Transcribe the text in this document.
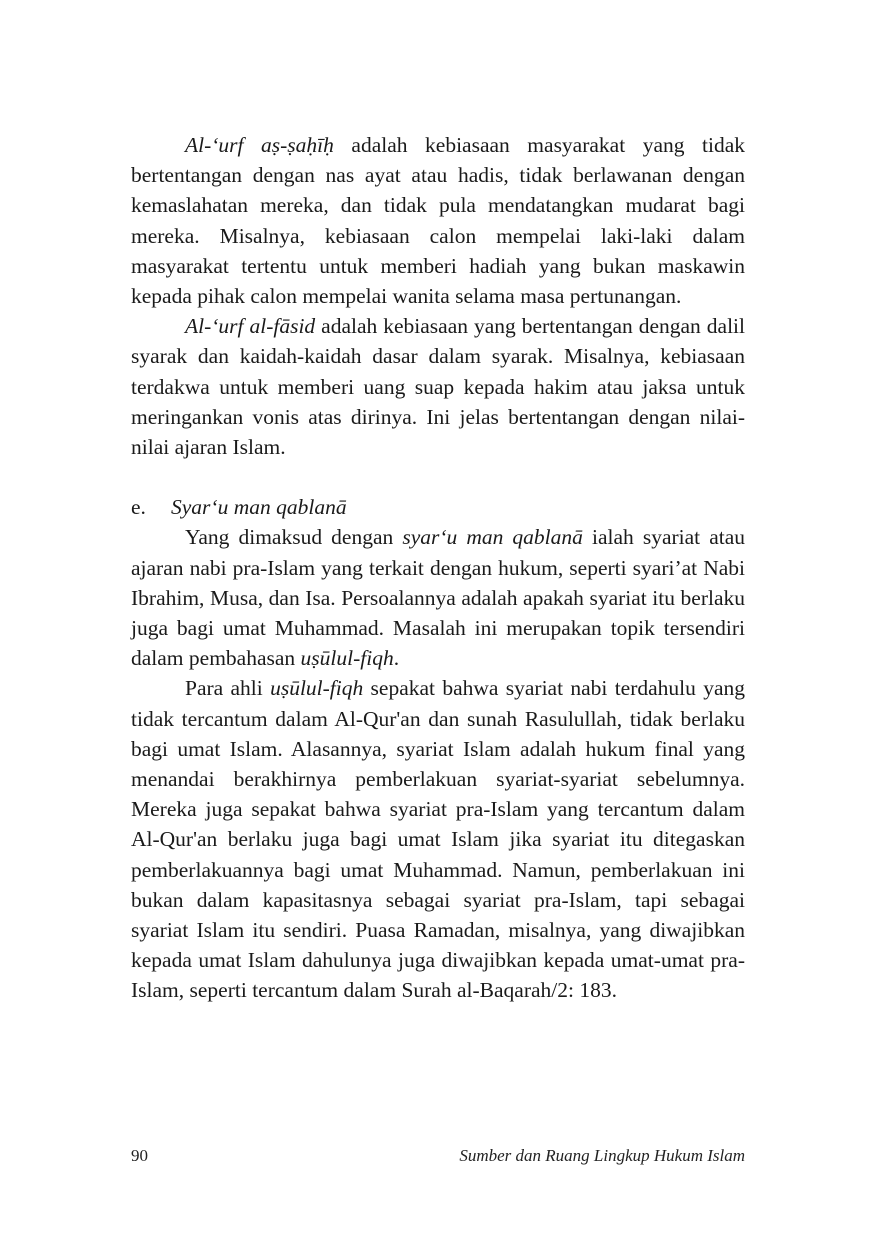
Al-‘urf aṣ-ṣaḥīḥ adalah kebiasaan masyarakat yang tidak bertentangan dengan nas ayat atau hadis, tidak berlawanan dengan kemaslahatan mereka, dan tidak pula mendatangkan mudarat bagi mereka. Misalnya, kebiasaan calon mempelai laki-laki dalam masyarakat tertentu untuk memberi hadiah yang bukan maskawin kepada pihak calon mempelai wanita selama masa pertunangan.

Al-‘urf al-fāsid adalah kebiasaan yang bertentangan dengan dalil syarak dan kaidah-kaidah dasar dalam syarak. Misalnya, kebiasaan terdakwa untuk memberi uang suap kepada hakim atau jaksa untuk meringankan vonis atas dirinya. Ini jelas bertentangan dengan nilai-nilai ajaran Islam.

e.	Syar‘u man qablanā

Yang dimaksud dengan syar‘u man qablanā ialah syariat atau ajaran nabi pra-Islam yang terkait dengan hukum, seperti syari’at Nabi Ibrahim, Musa, dan Isa. Persoalannya adalah apakah syariat itu berlaku juga bagi umat Muhammad. Masalah ini merupakan topik tersendiri dalam pembahasan uṣūlul-fiqh.

Para ahli uṣūlul-fiqh sepakat bahwa syariat nabi terdahulu yang tidak tercantum dalam Al-Qur'an dan sunah Rasulullah, tidak berlaku bagi umat Islam. Alasannya, syariat Islam adalah hukum final yang menandai berakhirnya pemberlakuan syariat-syariat sebelumnya. Mereka juga sepakat bahwa syariat pra-Islam yang tercantum dalam Al-Qur'an berlaku juga bagi umat Islam jika syariat itu ditegaskan pemberlakuannya bagi umat Muhammad. Namun, pemberlakuan ini bukan dalam kapasitasnya sebagai syariat pra-Islam, tapi sebagai syariat Islam itu sendiri. Puasa Ramadan, misalnya, yang diwajibkan kepada umat Islam dahulunya juga diwajibkan kepada umat-umat pra-Islam, seperti tercantum dalam Surah al-Baqarah/2: 183.

90	Sumber dan Ruang Lingkup Hukum Islam
